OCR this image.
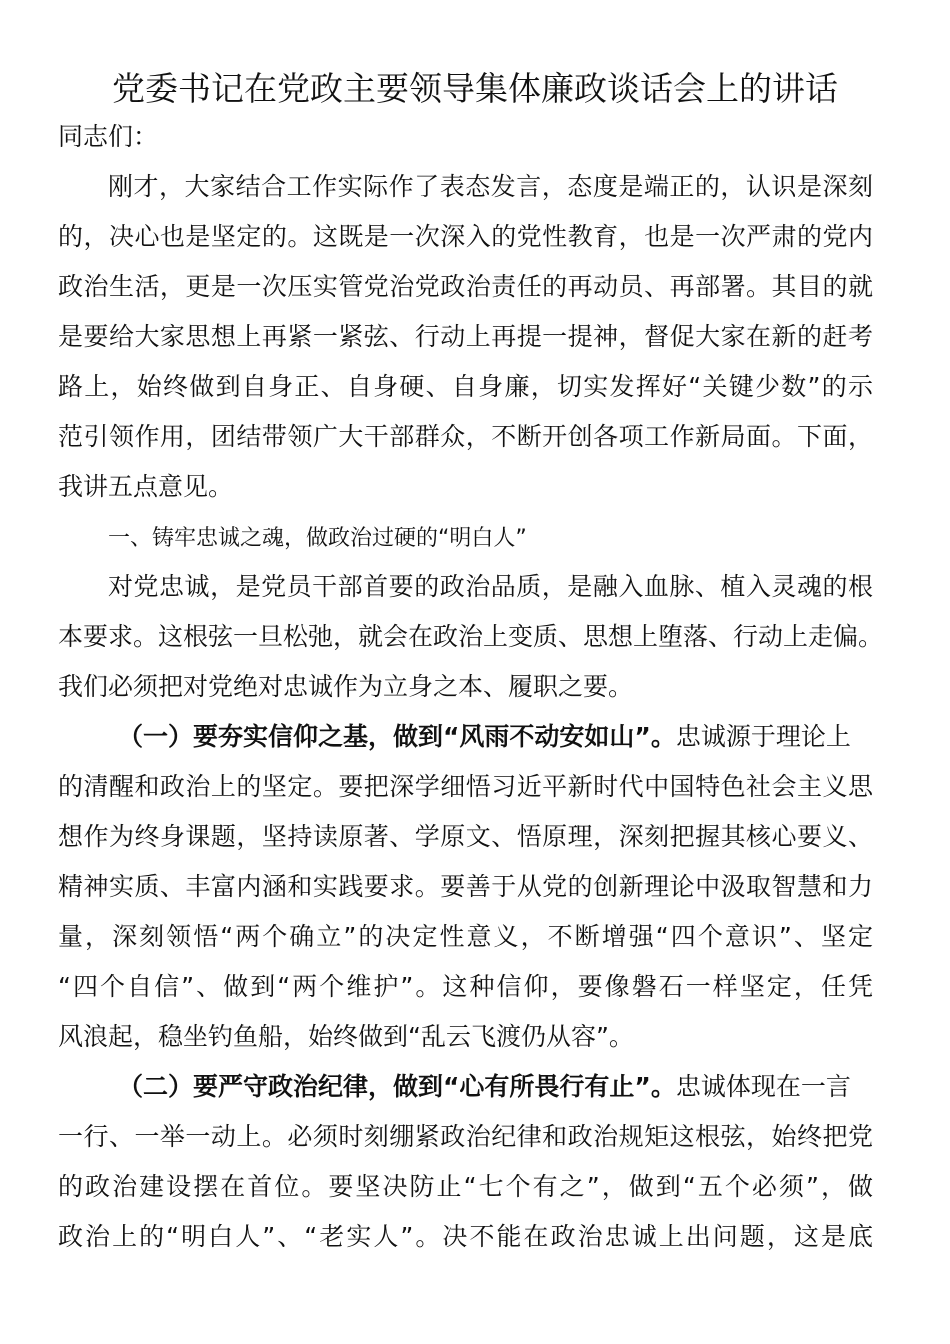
党委书记在党政主要领导集体廉政谈话会上的讲话

同志们：

刚才，大家结合工作实际作了表态发言，态度是端正的，认识是深刻

的，决心也是坚定的。这既是一次深入的党性教育，也是一次严肃的党内

政治生活，更是一次压实管党治党政治责任的再动员、再部署。其目的就

是要给大家思想上再紧一紧弦、行动上再提一提神，督促大家在新的赶考

路上，始终做到自身正、自身硬、自身廉，切实发挥好“关键少数”的示

范引领作用，团结带领广大干部群众，不断开创各项工作新局面。下面，

我讲五点意见。

一、铸牢忠诚之魂，做政治过硬的“明白人”

对党忠诚，是党员干部首要的政治品质，是融入血脉、植入灵魂的根

本要求。这根弦一旦松弛，就会在政治上变质、思想上堕落、行动上走偏。

我们必须把对党绝对忠诚作为立身之本、履职之要。

（一）要夯实信仰之基，做到“风雨不动安如山”。忠诚源于理论上

的清醒和政治上的坚定。要把深学细悟习近平新时代中国特色社会主义思

想作为终身课题，坚持读原著、学原文、悟原理，深刻把握其核心要义、

精神实质、丰富内涵和实践要求。要善于从党的创新理论中汲取智慧和力

量，深刻领悟“两个确立”的决定性意义，不断增强“四个意识”、坚定

“四个自信”、做到“两个维护”。这种信仰，要像磐石一样坚定，任凭

风浪起，稳坐钓鱼船，始终做到“乱云飞渡仍从容”。

（二）要严守政治纪律，做到“心有所畏行有止”。忠诚体现在一言

一行、一举一动上。必须时刻绷紧政治纪律和政治规矩这根弦，始终把党

的政治建设摆在首位。要坚决防止“七个有之”，做到“五个必须”，做

政治上的“明白人”、“老实人”。决不能在政治忠诚上出问题，这是底
